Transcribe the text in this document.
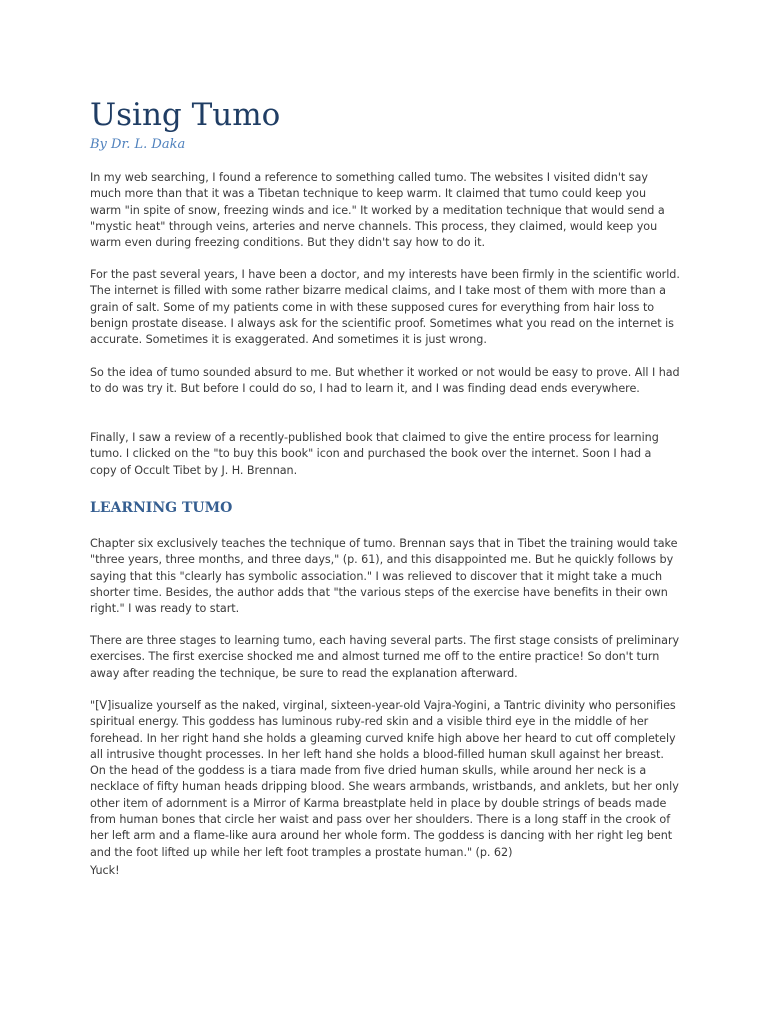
Using Tumo

By Dr. L. Daka

In my web searching, I found a reference to something called tumo. The websites I visited didn't say much more than that it was a Tibetan technique to keep warm. It claimed that tumo could keep you warm "in spite of snow, freezing winds and ice." It worked by a meditation technique that would send a "mystic heat" through veins, arteries and nerve channels. This process, they claimed, would keep you warm even during freezing conditions. But they didn't say how to do it.

For the past several years, I have been a doctor, and my interests have been firmly in the scientific world. The internet is filled with some rather bizarre medical claims, and I take most of them with more than a grain of salt. Some of my patients come in with these supposed cures for everything from hair loss to benign prostate disease. I always ask for the scientific proof. Sometimes what you read on the internet is accurate. Sometimes it is exaggerated. And sometimes it is just wrong.

So the idea of tumo sounded absurd to me. But whether it worked or not would be easy to prove. All I had to do was try it. But before I could do so, I had to learn it, and I was finding dead ends everywhere.

Finally, I saw a review of a recently-published book that claimed to give the entire process for learning tumo. I clicked on the "to buy this book" icon and purchased the book over the internet. Soon I had a copy of Occult Tibet by J. H. Brennan.

LEARNING TUMO

Chapter six exclusively teaches the technique of tumo. Brennan says that in Tibet the training would take "three years, three months, and three days," (p. 61), and this disappointed me. But he quickly follows by saying that this "clearly has symbolic association." I was relieved to discover that it might take a much shorter time. Besides, the author adds that "the various steps of the exercise have benefits in their own right." I was ready to start.

There are three stages to learning tumo, each having several parts. The first stage consists of preliminary exercises. The first exercise shocked me and almost turned me off to the entire practice! So don't turn away after reading the technique, be sure to read the explanation afterward.

"[V]isualize yourself as the naked, virginal, sixteen-year-old Vajra-Yogini, a Tantric divinity who personifies spiritual energy. This goddess has luminous ruby-red skin and a visible third eye in the middle of her forehead. In her right hand she holds a gleaming curved knife high above her heard to cut off completely all intrusive thought processes. In her left hand she holds a blood-filled human skull against her breast. On the head of the goddess is a tiara made from five dried human skulls, while around her neck is a necklace of fifty human heads dripping blood. She wears armbands, wristbands, and anklets, but her only other item of adornment is a Mirror of Karma breastplate held in place by double strings of beads made from human bones that circle her waist and pass over her shoulders. There is a long staff in the crook of her left arm and a flame-like aura around her whole form. The goddess is dancing with her right leg bent and the foot lifted up while her left foot tramples a prostate human." (p. 62)

Yuck!
